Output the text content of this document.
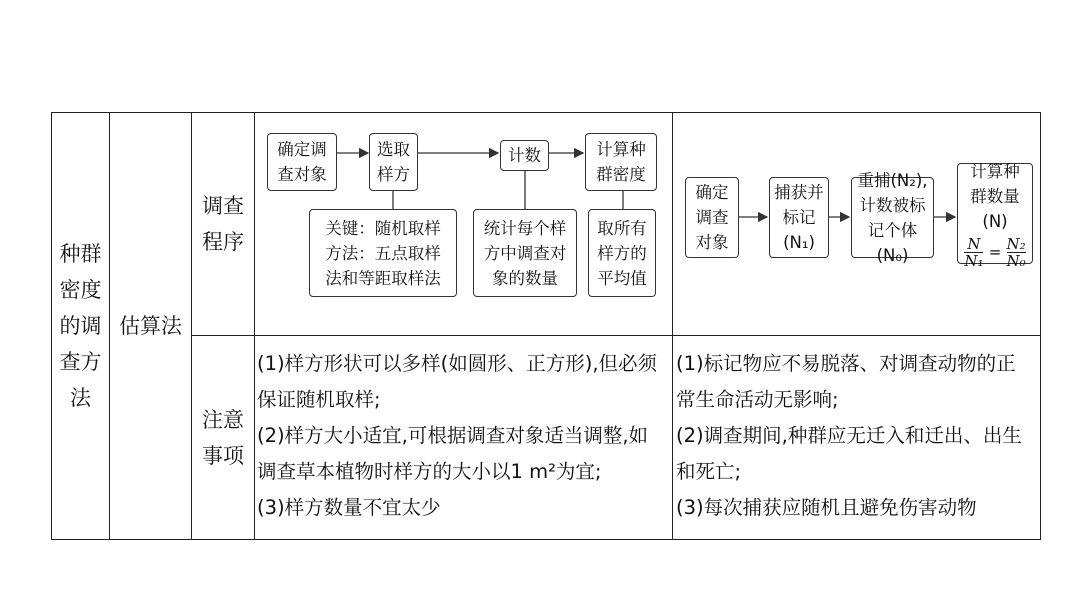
种群
密度
的调
查方
法
估算法
调查
程序
注意
事项
确定调
查对象
选取
样方
计数	计算种
群密度
关键：随机取样
方法：五点取样
法和等距取样法
统计每个样
方中调查对
象的数量
取所有
样方的
平均值
确定
调查
对象
捕获并
标记
(N₁)
重捕(N₂),
计数被标
记个体(N₀)
计算种
群数量(N)
$\frac{N}{\text{N₁}} = \frac{\text{N₂}}{\text{N₀}}$

(1)样方形状可以多样(如圆形、正方形),但必须

保证随机取样;

(2)样方大小适宜,可根据调查对象适当调整,如

调查草本植物时样方的大小以1 m²为宜;

(3)样方数量不宜太少

(1)标记物应不易脱落、对调查动物的正

常生命活动无影响;

(2)调查期间,种群应无迁入和迁出、出生

和死亡;

(3)每次捕获应随机且避免伤害动物
